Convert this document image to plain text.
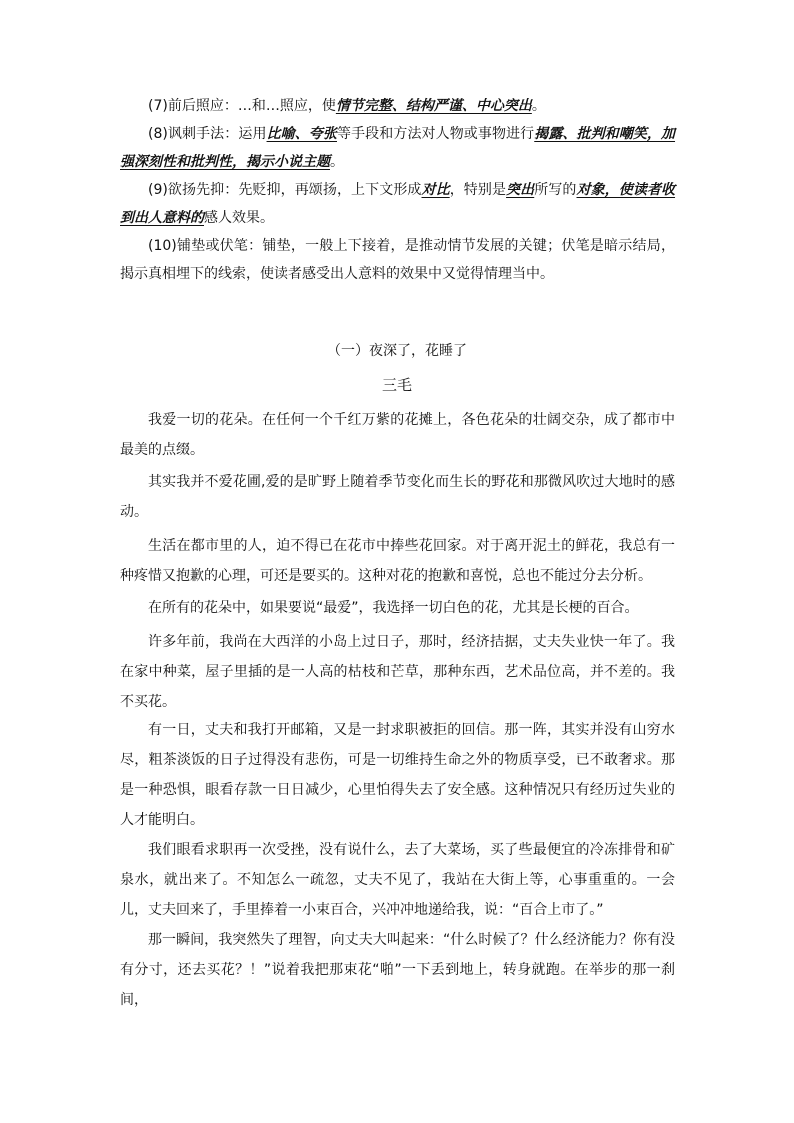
(7)前后照应：…和…照应，使情节完整、结构严谨、中心突出。

(8)讽刺手法：运用比喻、夸张等手段和方法对人物或事物进行揭露、批判和嘲笑，加强深刻性和批判性，揭示小说主题。

(9)欲扬先抑：先贬抑，再颂扬，上下文形成对比，特别是突出所写的对象，使读者收到出人意料的感人效果。

(10)铺垫或伏笔：铺垫，一般上下接着，是推动情节发展的关键；伏笔是暗示结局，揭示真相埋下的线索，使读者感受出人意料的效果中又觉得情理当中。

（一）夜深了，花睡了

三毛

我爱一切的花朵。在任何一个千红万紫的花摊上，各色花朵的壮阔交杂，成了都市中最美的点缀。

其实我并不爱花圃,爱的是旷野上随着季节变化而生长的野花和那微风吹过大地时的感动。

生活在都市里的人，迫不得已在花市中捧些花回家。对于离开泥土的鲜花，我总有一种疼惜又抱歉的心理，可还是要买的。这种对花的抱歉和喜悦，总也不能过分去分析。

在所有的花朵中，如果要说“最爱”，我选择一切白色的花，尤其是长梗的百合。

许多年前，我尚在大西洋的小岛上过日子，那时，经济拮据，丈夫失业快一年了。我在家中种菜，屋子里插的是一人高的枯枝和芒草，那种东西，艺术品位高，并不差的。我不买花。

有一日，丈夫和我打开邮箱，又是一封求职被拒的回信。那一阵，其实并没有山穷水尽，粗茶淡饭的日子过得没有悲伤，可是一切维持生命之外的物质享受，已不敢奢求。那是一种恐惧，眼看存款一日日减少，心里怕得失去了安全感。这种情况只有经历过失业的人才能明白。

我们眼看求职再一次受挫，没有说什么，去了大菜场，买了些最便宜的冷冻排骨和矿泉水，就出来了。不知怎么一疏忽，丈夫不见了，我站在大街上等，心事重重的。一会儿，丈夫回来了，手里捧着一小束百合，兴冲冲地递给我，说：“百合上市了。”

那一瞬间，我突然失了理智，向丈夫大叫起来：“什么时候了？什么经济能力？你有没有分寸，还去买花？！”说着我把那束花“啪”一下丢到地上，转身就跑。在举步的那一刹间，
